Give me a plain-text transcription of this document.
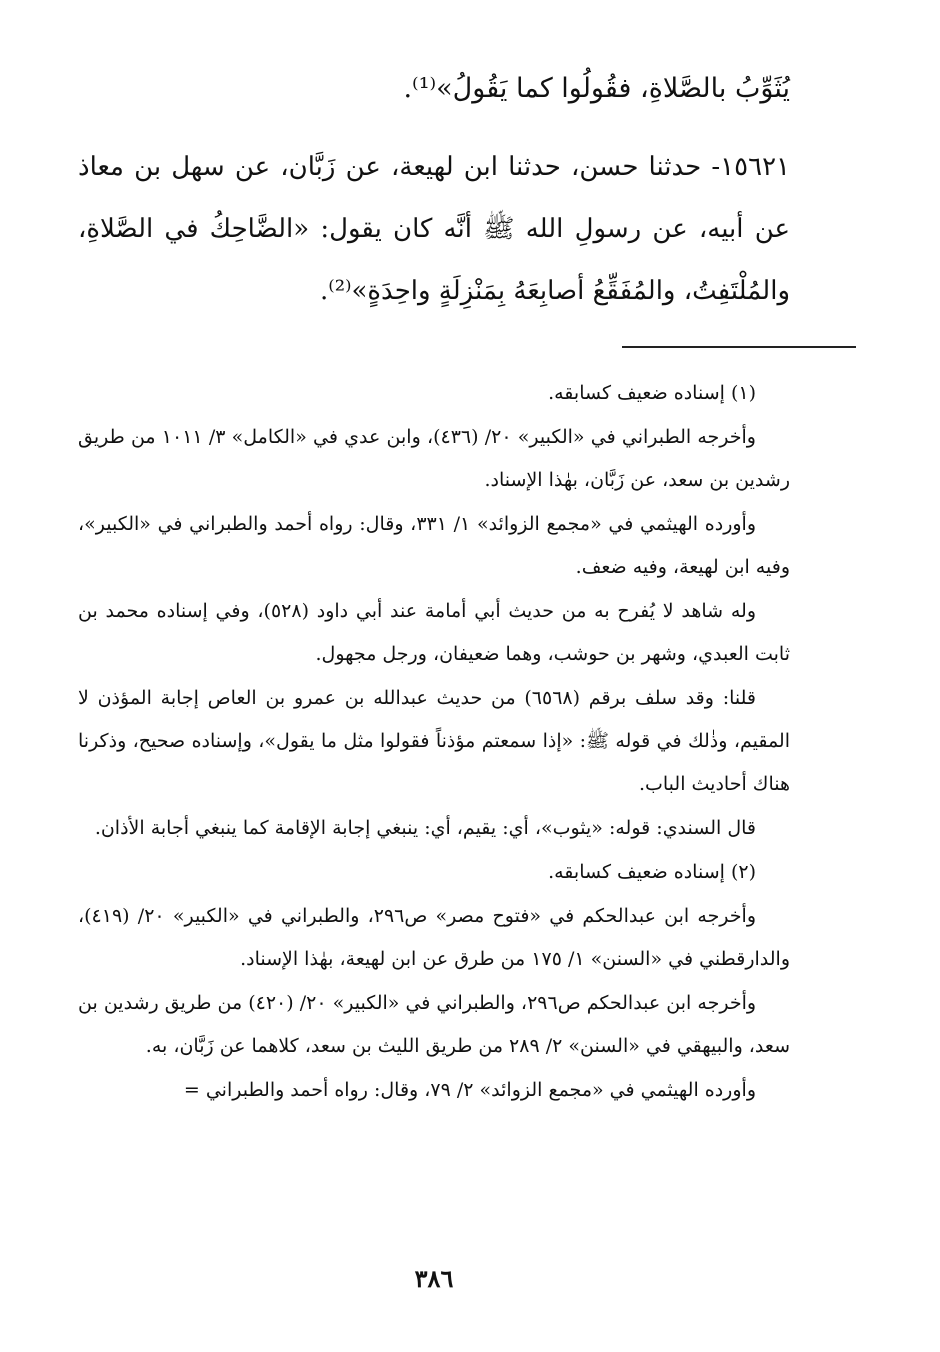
يُثَوِّبُ بالصَّلاةِ، فقُولُوا كما يَقُولُ»⁽¹⁾.
١٥٦٢١- حدثنا حسن، حدثنا ابن لهيعة، عن زَبَّان، عن سهل بن معاذ عن أبيه، عن رسولِ الله ﷺ أنَّه كان يقول: «الضَّاحِكُ في الصَّلاةِ، والمُلْتَفِتُ، والمُفَقِّعُ أصابِعَهُ بِمَنْزِلَةٍ واحِدَةٍ»⁽²⁾.

(١) إسناده ضعيف كسابقه.

وأخرجه الطبراني في «الكبير» ٢٠/ (٤٣٦)، وابن عدي في «الكامل» ٣/ ١٠١١ من طريق رشدين بن سعد، عن زَبَّان، بهٰذا الإسناد.

وأورده الهيثمي في «مجمع الزوائد» ١/ ٣٣١، وقال: رواه أحمد والطبراني في «الكبير»، وفيه ابن لهيعة، وفيه ضعف.

وله شاهد لا يُفرح به من حديث أبي أمامة عند أبي داود (٥٢٨)، وفي إسناده محمد بن ثابت العبدي، وشهر بن حوشب، وهما ضعيفان، ورجل مجهول.

قلنا: وقد سلف برقم (٦٥٦٨) من حديث عبدالله بن عمرو بن العاص إجابة المؤذن لا المقيم، وذٰلك في قوله ﷺ: «إذا سمعتم مؤذناً فقولوا مثل ما يقول»، وإسناده صحيح، وذكرنا هناك أحاديث الباب.

قال السندي: قوله: «يثوب»، أي: يقيم، أي: ينبغي إجابة الإقامة كما ينبغي أجابة الأذان.

(٢) إسناده ضعيف كسابقه.

وأخرجه ابن عبدالحكم في «فتوح مصر» ص٢٩٦، والطبراني في «الكبير» ٢٠/ (٤١٩)، والدارقطني في «السنن» ١/ ١٧٥ من طرق عن ابن لهيعة، بهٰذا الإسناد.

وأخرجه ابن عبدالحكم ص٢٩٦، والطبراني في «الكبير» ٢٠/ (٤٢٠) من طريق رشدين بن سعد، والبيهقي في «السنن» ٢/ ٢٨٩ من طريق الليث بن سعد، كلاهما عن زَبَّان، به.

وأورده الهيثمي في «مجمع الزوائد» ٢/ ٧٩، وقال: رواه أحمد والطبراني =

٣٨٦
